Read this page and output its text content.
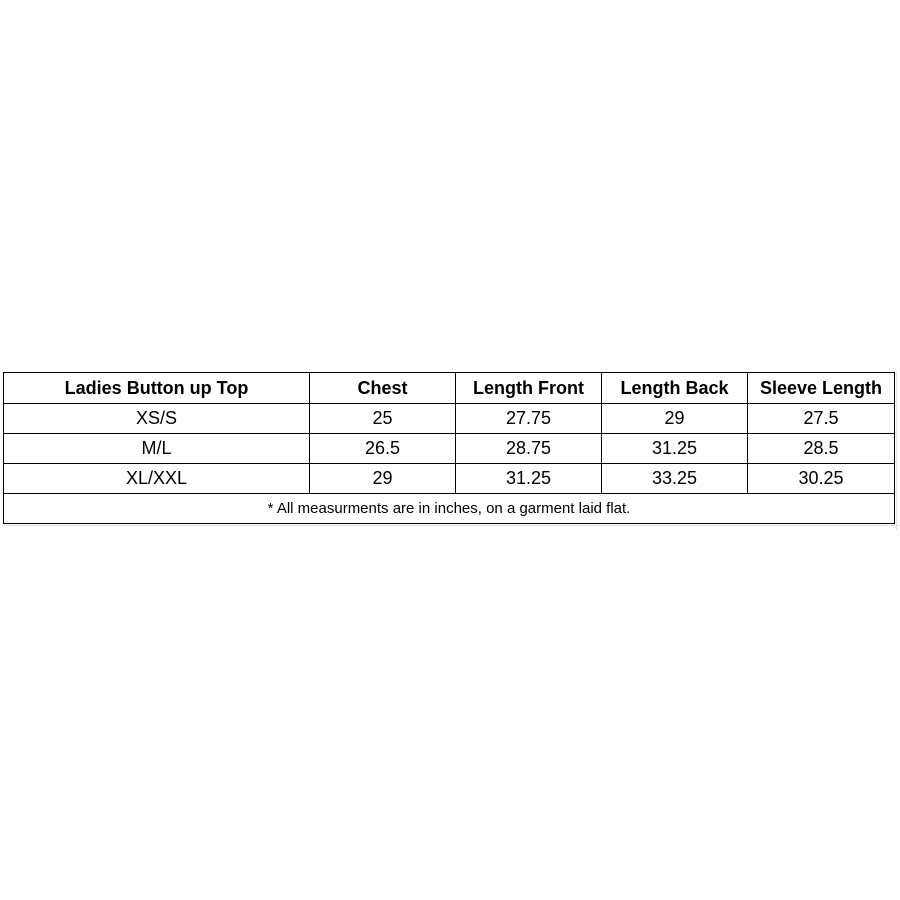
Ladies Button up Top	Chest	Length Front	Length Back	Sleeve Length
XS/S	25	27.75	29	27.5
M/L	26.5	28.75	31.25	28.5
XL/XXL	29	31.25	33.25	30.25
* All measurments are in inches, on a garment laid flat.				
